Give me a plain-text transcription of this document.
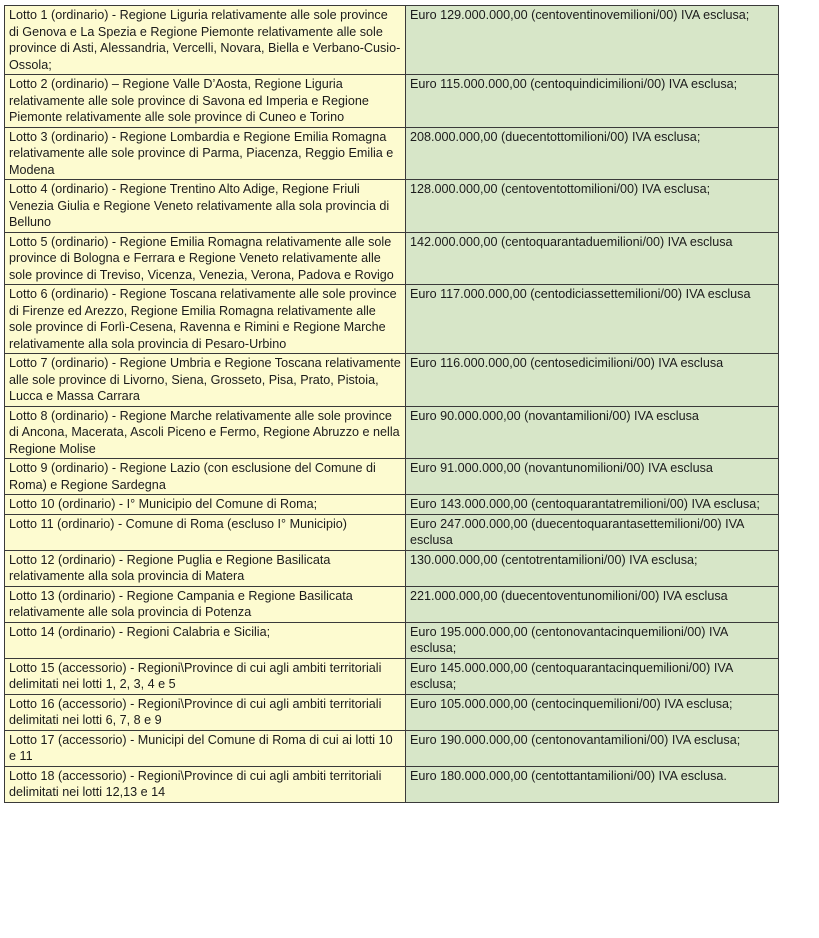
Lotto 1 (ordinario) - Regione Liguria relativamente alle sole province di Genova e La Spezia e Regione Piemonte relativamente alle sole province di Asti, Alessandria, Vercelli, Novara, Biella e Verbano-Cusio-Ossola;	Euro 129.000.000,00 (centoventinovemilioni/00) IVA esclusa;
Lotto 2 (ordinario) – Regione Valle D’Aosta, Regione Liguria relativamente alle sole province di Savona ed Imperia e Regione Piemonte relativamente alle sole province di Cuneo e Torino	Euro 115.000.000,00 (centoquindicimilioni/00) IVA esclusa;
Lotto 3 (ordinario) - Regione Lombardia e Regione Emilia Romagna relativamente alle sole province di Parma, Piacenza, Reggio Emilia e Modena	208.000.000,00 (duecentottomilioni/00) IVA esclusa;
Lotto 4 (ordinario) - Regione Trentino Alto Adige, Regione Friuli Venezia Giulia e Regione Veneto relativamente alla sola provincia di Belluno	128.000.000,00 (centoventottomilioni/00) IVA esclusa;
Lotto 5 (ordinario) - Regione Emilia Romagna relativamente alle sole province di Bologna e Ferrara e Regione Veneto relativamente alle sole province di Treviso, Vicenza, Venezia, Verona, Padova e Rovigo	142.000.000,00 (centoquarantaduemilioni/00) IVA esclusa
Lotto 6 (ordinario) - Regione Toscana relativamente alle sole province di Firenze ed Arezzo, Regione Emilia Romagna relativamente alle sole province di Forlì-Cesena, Ravenna e Rimini e Regione Marche relativamente alla sola provincia di Pesaro-Urbino	Euro 117.000.000,00 (centodiciassettemilioni/00) IVA esclusa
Lotto 7 (ordinario) - Regione Umbria e Regione Toscana relativamente alle sole province di Livorno, Siena, Grosseto, Pisa, Prato, Pistoia, Lucca e Massa Carrara	Euro 116.000.000,00 (centosedicimilioni/00) IVA esclusa
Lotto 8 (ordinario) - Regione Marche relativamente alle sole province di Ancona, Macerata, Ascoli Piceno e Fermo, Regione Abruzzo e nella Regione Molise	Euro 90.000.000,00 (novantamilioni/00) IVA esclusa
Lotto 9 (ordinario) - Regione Lazio (con esclusione del Comune di Roma) e Regione Sardegna	Euro 91.000.000,00 (novantunomilioni/00) IVA esclusa
Lotto 10 (ordinario) - I° Municipio del Comune di Roma;	Euro 143.000.000,00 (centoquarantatremilioni/00) IVA esclusa;
Lotto 11 (ordinario) - Comune di Roma (escluso I° Municipio)	Euro 247.000.000,00 (duecentoquarantasettemilioni/00) IVA esclusa
Lotto 12 (ordinario) - Regione Puglia e Regione Basilicata relativamente alla sola provincia di Matera	130.000.000,00 (centotrentamilioni/00) IVA esclusa;
Lotto 13 (ordinario) - Regione Campania e Regione Basilicata relativamente alle sola provincia di Potenza	221.000.000,00 (duecentoventunomilioni/00) IVA esclusa
Lotto 14 (ordinario) - Regioni Calabria e Sicilia;	Euro 195.000.000,00 (centonovantacinquemilioni/00) IVA esclusa;
Lotto 15 (accessorio) - Regioni\Province di cui agli ambiti territoriali delimitati nei lotti 1, 2, 3, 4 e 5	Euro 145.000.000,00 (centoquarantacinquemilioni/00) IVA esclusa;
Lotto 16 (accessorio) - Regioni\Province di cui agli ambiti territoriali delimitati nei lotti 6, 7, 8 e 9	Euro 105.000.000,00 (centocinquemilioni/00) IVA esclusa;
Lotto 17 (accessorio) - Municipi del Comune di Roma di cui ai lotti 10 e 11	Euro 190.000.000,00 (centonovantamilioni/00) IVA esclusa;
Lotto 18 (accessorio) - Regioni\Province di cui agli ambiti territoriali delimitati nei lotti 12,13 e 14	Euro 180.000.000,00 (centottantamilioni/00) IVA esclusa.
